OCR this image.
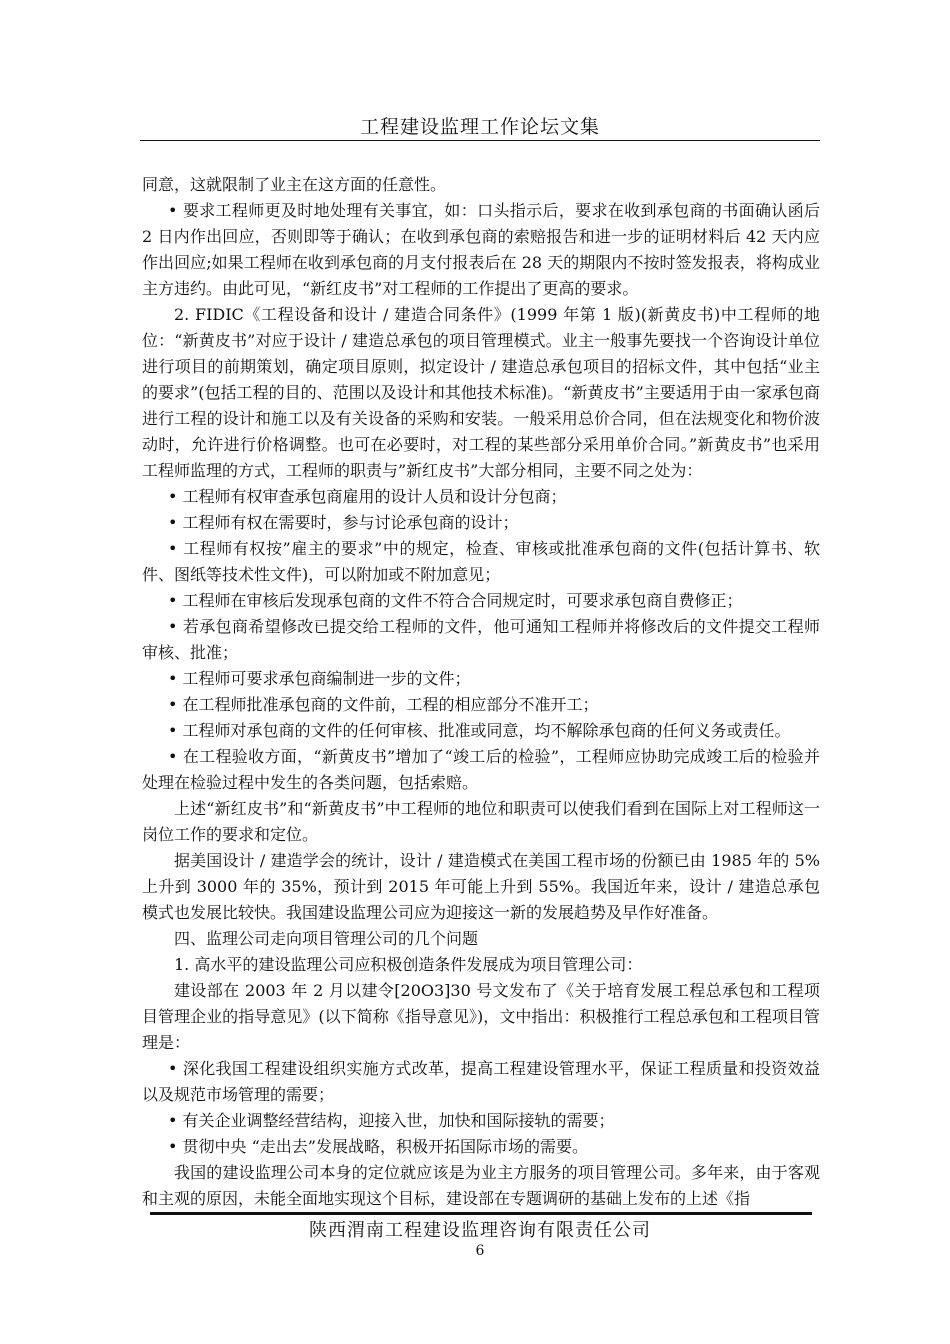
工程建设监理工作论坛文集

同意，这就限制了业主在这方面的任意性。

• 要求工程师更及时地处理有关事宜，如：口头指示后，要求在收到承包商的书面确认函后 2 日内作出回应，否则即等于确认；在收到承包商的索赔报告和进一步的证明材料后 42 天内应作出回应;如果工程师在收到承包商的月支付报表后在 28 天的期限内不按时签发报表，将构成业主方违约。由此可见，“新红皮书”对工程师的工作提出了更高的要求。

2. FIDIC《工程设备和设计 / 建造合同条件》(1999 年第 1 版)(新黄皮书)中工程师的地位：“新黄皮书”对应于设计 / 建造总承包的项目管理模式。业主一般事先要找一个咨询设计单位进行项目的前期策划，确定项目原则，拟定设计 / 建造总承包项目的招标文件，其中包括“业主的要求”(包括工程的目的、范围以及设计和其他技术标准)。“新黄皮书”主要适用于由一家承包商进行工程的设计和施工以及有关设备的采购和安装。一般采用总价合同，但在法规变化和物价波动时，允许进行价格调整。也可在必要时，对工程的某些部分采用单价合同。”新黄皮书”也采用工程师监理的方式，工程师的职责与”新红皮书”大部分相同，主要不同之处为：

• 工程师有权审查承包商雇用的设计人员和设计分包商；

• 工程师有权在需要时，参与讨论承包商的设计；

• 工程师有权按”雇主的要求”中的规定，检查、审核或批准承包商的文件(包括计算书、软件、图纸等技术性文件)，可以附加或不附加意见；

• 工程师在审核后发现承包商的文件不符合合同规定时，可要求承包商自费修正；

• 若承包商希望修改已提交给工程师的文件，他可通知工程师并将修改后的文件提交工程师审核、批准；

• 工程师可要求承包商编制进一步的文件；

• 在工程师批准承包商的文件前，工程的相应部分不准开工；

• 工程师对承包商的文件的任何审核、批准或同意，均不解除承包商的任何义务或责任。

• 在工程验收方面，“新黄皮书”增加了“竣工后的检验”，工程师应协助完成竣工后的检验并处理在检验过程中发生的各类问题，包括索赔。

上述“新红皮书”和“新黄皮书”中工程师的地位和职责可以使我们看到在国际上对工程师这一岗位工作的要求和定位。

据美国设计 / 建造学会的统计，设计 / 建造模式在美国工程市场的份额已由 1985 年的 5%上升到 3000 年的 35%，预计到 2015 年可能上升到 55%。我国近年来，设计 / 建造总承包模式也发展比较快。我国建设监理公司应为迎接这一新的发展趋势及早作好准备。

四、监理公司走向项目管理公司的几个问题

1. 高水平的建设监理公司应积极创造条件发展成为项目管理公司：

建设部在 2003 年 2 月以建令[20O3]30 号文发布了《关于培育发展工程总承包和工程项目管理企业的指导意见》(以下简称《指导意见》)，文中指出：积极推行工程总承包和工程项目管理是：

• 深化我国工程建设组织实施方式改革，提高工程建设管理水平，保证工程质量和投资效益以及规范市场管理的需要；

• 有关企业调整经营结构，迎接入世，加快和国际接轨的需要；

• 贯彻中央 “走出去”发展战略，积极开拓国际市场的需要。

我国的建设监理公司本身的定位就应该是为业主方服务的项目管理公司。多年来，由于客观和主观的原因，未能全面地实现这个目标，建设部在专题调研的基础上发布的上述《指

陕西渭南工程建设监理咨询有限责任公司
6
